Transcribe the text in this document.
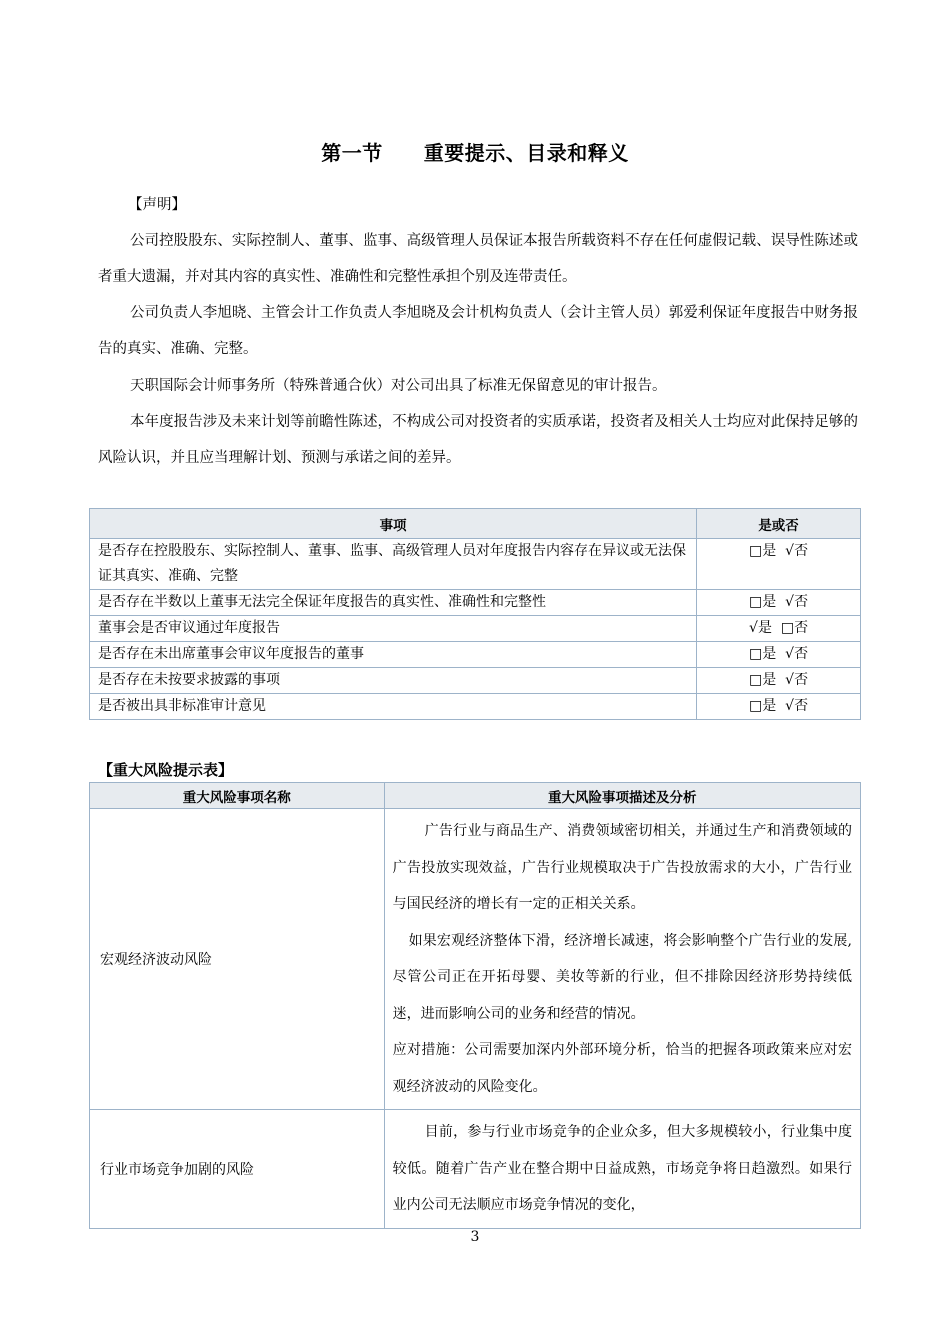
第一节　　重要提示、目录和释义
【声明】
公司控股股东、实际控制人、董事、监事、高级管理人员保证本报告所载资料不存在任何虚假记载、误导性陈述或者重大遗漏，并对其内容的真实性、准确性和完整性承担个别及连带责任。
公司负责人李旭晓、主管会计工作负责人李旭晓及会计机构负责人（会计主管人员）郭爱利保证年度报告中财务报告的真实、准确、完整。
天职国际会计师事务所（特殊普通合伙）对公司出具了标准无保留意见的审计报告。
本年度报告涉及未来计划等前瞻性陈述，不构成公司对投资者的实质承诺，投资者及相关人士均应对此保持足够的风险认识，并且应当理解计划、预测与承诺之间的差异。
事项	是或否
是否存在控股股东、实际控制人、董事、监事、高级管理人员对年度报告内容存在异议或无法保证其真实、准确、完整	□是  √否
是否存在半数以上董事无法完全保证年度报告的真实性、准确性和完整性	□是  √否
董事会是否审议通过年度报告	√是  □否
是否存在未出席董事会审议年度报告的董事	□是  √否
是否存在未按要求披露的事项	□是  √否
是否被出具非标准审计意见	□是  √否
【重大风险提示表】
重大风险事项名称	重大风险事项描述及分析
宏观经济波动风险	广告行业与商品生产、消费领域密切相关，并通过生产和消费领域的广告投放实现效益，广告行业规模取决于广告投放需求的大小，广告行业与国民经济的增长有一定的正相关关系。

如果宏观经济整体下滑，经济增长减速，将会影响整个广告行业的发展, 尽管公司正在开拓母婴、美妆等新的行业，但不排除因经济形势持续低迷，进而影响公司的业务和经营的情况。

应对措施：公司需要加深内外部环境分析，恰当的把握各项政策来应对宏观经济波动的风险变化。

行业市场竞争加剧的风险	目前，参与行业市场竞争的企业众多，但大多规模较小，行业集中度较低。随着广告产业在整合期中日益成熟，市场竞争将日趋激烈。如果行业内公司无法顺应市场竞争情况的变化，

3
